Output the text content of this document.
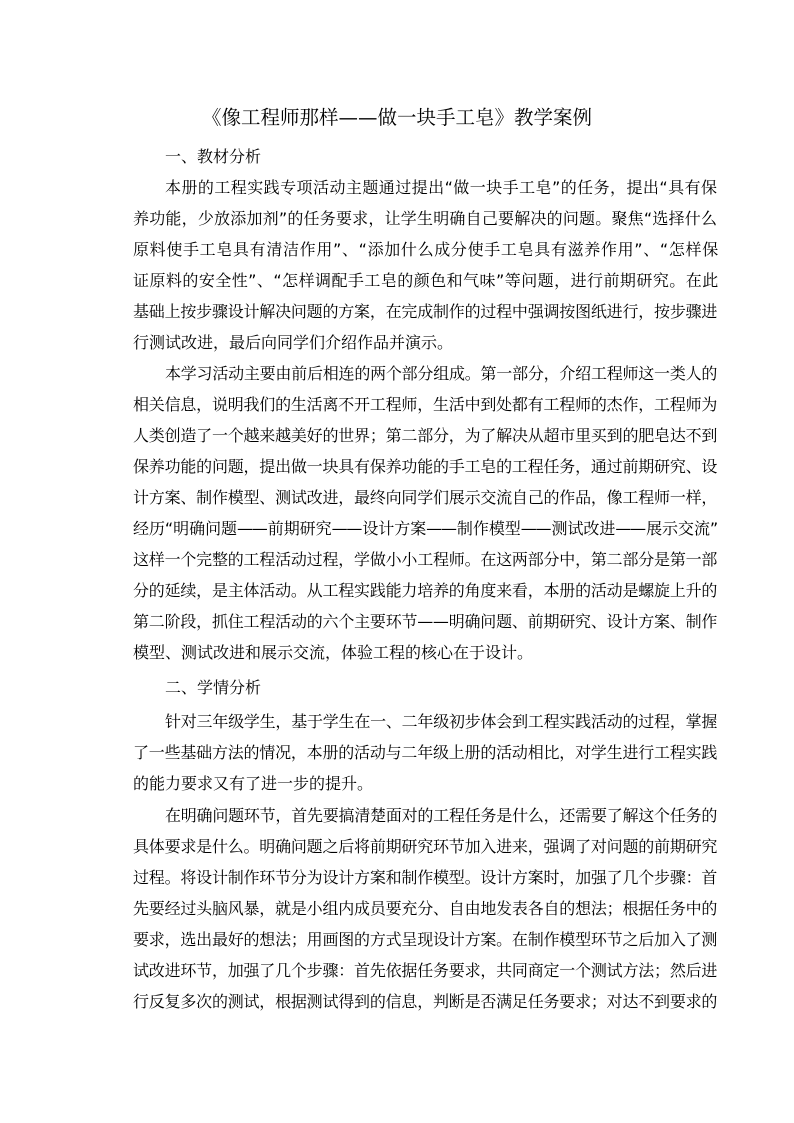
《像工程师那样——做一块手工皂》教学案例
一、教材分析
本册的工程实践专项活动主题通过提出“做一块手工皂”的任务，提出“具有保
养功能，少放添加剂”的任务要求，让学生明确自己要解决的问题。聚焦“选择什么
原料使手工皂具有清洁作用”、“添加什么成分使手工皂具有滋养作用”、“怎样保
证原料的安全性”、“怎样调配手工皂的颜色和气味”等问题，进行前期研究。在此
基础上按步骤设计解决问题的方案，在完成制作的过程中强调按图纸进行，按步骤进
行测试改进，最后向同学们介绍作品并演示。
本学习活动主要由前后相连的两个部分组成。第一部分，介绍工程师这一类人的
相关信息，说明我们的生活离不开工程师，生活中到处都有工程师的杰作，工程师为
人类创造了一个越来越美好的世界；第二部分，为了解决从超市里买到的肥皂达不到
保养功能的问题，提出做一块具有保养功能的手工皂的工程任务，通过前期研究、设
计方案、制作模型、测试改进，最终向同学们展示交流自己的作品，像工程师一样，
经历“明确问题——前期研究——设计方案——制作模型——测试改进——展示交流”
这样一个完整的工程活动过程，学做小小工程师。在这两部分中，第二部分是第一部
分的延续，是主体活动。从工程实践能力培养的角度来看，本册的活动是螺旋上升的
第二阶段，抓住工程活动的六个主要环节——明确问题、前期研究、设计方案、制作
模型、测试改进和展示交流，体验工程的核心在于设计。
二、学情分析
针对三年级学生，基于学生在一、二年级初步体会到工程实践活动的过程，掌握
了一些基础方法的情况，本册的活动与二年级上册的活动相比，对学生进行工程实践
的能力要求又有了进一步的提升。
在明确问题环节，首先要搞清楚面对的工程任务是什么，还需要了解这个任务的
具体要求是什么。明确问题之后将前期研究环节加入进来，强调了对问题的前期研究
过程。将设计制作环节分为设计方案和制作模型。设计方案时，加强了几个步骤：首
先要经过头脑风暴，就是小组内成员要充分、自由地发表各自的想法；根据任务中的
要求，选出最好的想法；用画图的方式呈现设计方案。在制作模型环节之后加入了测
试改进环节，加强了几个步骤：首先依据任务要求，共同商定一个测试方法；然后进
行反复多次的测试，根据测试得到的信息，判断是否满足任务要求；对达不到要求的
